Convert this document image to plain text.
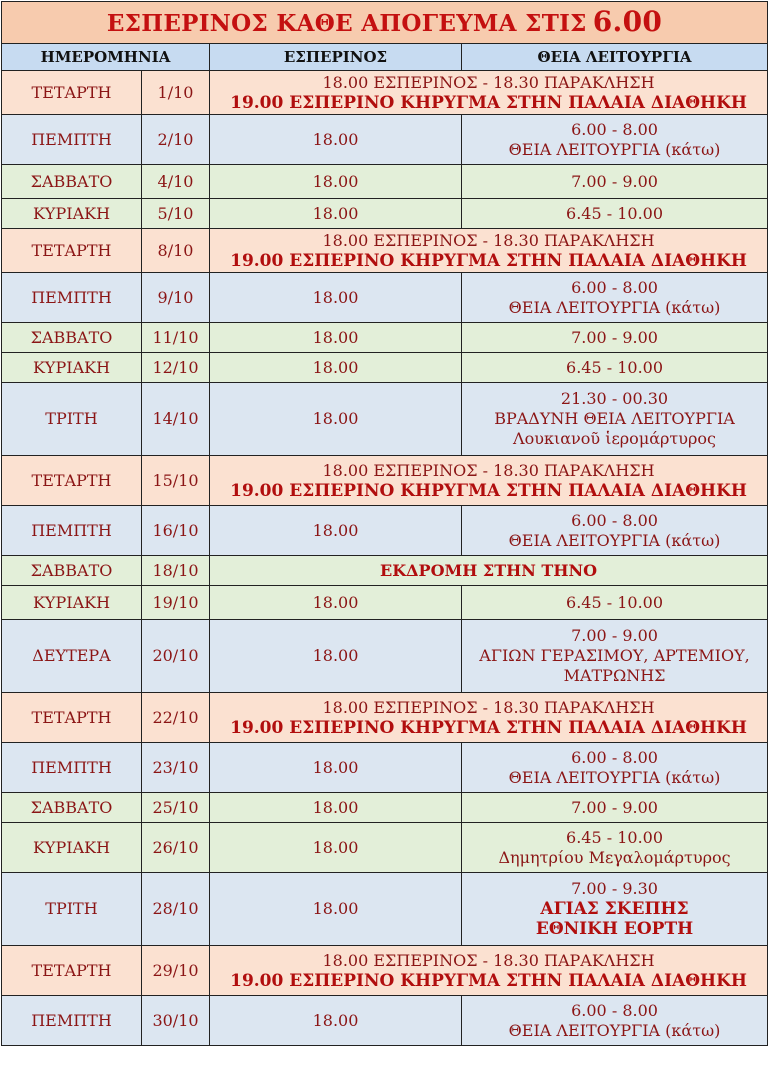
ΕΣΠΕΡΙΝΟΣ ΚΑΘΕ ΑΠΟΓΕΥΜΑ ΣΤΙΣ 6.00			
ΗΜΕΡΟΜΗΝΙΑ		ΕΣΠΕΡΙΝΟΣ	ΘΕΙΑ ΛΕΙΤΟΥΡΓΙΑ
ΤΕΤΑΡΤΗ	1/10	18.00 ΕΣΠΕΡΙΝΟΣ - 18.30 ΠΑΡΑΚΛΗΣΗ
19.00 ΕΣΠΕΡΙΝΟ ΚΗΡΥΓΜΑ ΣΤΗΝ ΠΑΛΑΙΑ ΔΙΑΘΗΚΗ	

ΠΕΜΠΤΗ	2/10	18.00	6.00 - 8.00
ΘΕΙΑ ΛΕΙΤΟΥΡΓΙΑ (κάτω)

ΣΑΒΒΑΤΟ	4/10	18.00	7.00 - 9.00

ΚΥΡΙΑΚΗ	5/10	18.00	6.45 - 10.00

ΤΕΤΑΡΤΗ	8/10	18.00 ΕΣΠΕΡΙΝΟΣ - 18.30 ΠΑΡΑΚΛΗΣΗ
19.00 ΕΣΠΕΡΙΝΟ ΚΗΡΥΓΜΑ ΣΤΗΝ ΠΑΛΑΙΑ ΔΙΑΘΗΚΗ	

ΠΕΜΠΤΗ	9/10	18.00	6.00 - 8.00
ΘΕΙΑ ΛΕΙΤΟΥΡΓΙΑ (κάτω)

ΣΑΒΒΑΤΟ	11/10	18.00	7.00 - 9.00

ΚΥΡΙΑΚΗ	12/10	18.00	6.45 - 10.00

ΤΡΙΤΗ	14/10	18.00	21.30 - 00.30
ΒΡΑΔΥΝΗ ΘΕΙΑ ΛΕΙΤΟΥΡΓΙΑ
Λουκιανοῦ ἱερομάρτυρος

ΤΕΤΑΡΤΗ	15/10	18.00 ΕΣΠΕΡΙΝΟΣ - 18.30 ΠΑΡΑΚΛΗΣΗ
19.00 ΕΣΠΕΡΙΝΟ ΚΗΡΥΓΜΑ ΣΤΗΝ ΠΑΛΑΙΑ ΔΙΑΘΗΚΗ	

ΠΕΜΠΤΗ	16/10	18.00	6.00 - 8.00
ΘΕΙΑ ΛΕΙΤΟΥΡΓΙΑ (κάτω)

ΣΑΒΒΑΤΟ	18/10	ΕΚΔΡΟΜΗ ΣΤΗΝ ΤΗΝΟ	
ΚΥΡΙΑΚΗ	19/10	18.00	6.45 - 10.00

ΔΕΥΤΕΡΑ	20/10	18.00	7.00 - 9.00
ΑΓΙΩΝ ΓΕΡΑΣΙΜΟΥ, ΑΡΤΕΜΙΟΥ,
ΜΑΤΡΩΝΗΣ

ΤΕΤΑΡΤΗ	22/10	18.00 ΕΣΠΕΡΙΝΟΣ - 18.30 ΠΑΡΑΚΛΗΣΗ
19.00 ΕΣΠΕΡΙΝΟ ΚΗΡΥΓΜΑ ΣΤΗΝ ΠΑΛΑΙΑ ΔΙΑΘΗΚΗ	

ΠΕΜΠΤΗ	23/10	18.00	6.00 - 8.00
ΘΕΙΑ ΛΕΙΤΟΥΡΓΙΑ (κάτω)

ΣΑΒΒΑΤΟ	25/10	18.00	7.00 - 9.00

ΚΥΡΙΑΚΗ	26/10	18.00	6.45 - 10.00
Δημητρίου Μεγαλομάρτυρος

ΤΡΙΤΗ	28/10	18.00	7.00 - 9.30
ΑΓΙΑΣ ΣΚΕΠΗΣ
ΕΘΝΙΚΗ ΕΟΡΤΗ

ΤΕΤΑΡΤΗ	29/10	18.00 ΕΣΠΕΡΙΝΟΣ - 18.30 ΠΑΡΑΚΛΗΣΗ
19.00 ΕΣΠΕΡΙΝΟ ΚΗΡΥΓΜΑ ΣΤΗΝ ΠΑΛΑΙΑ ΔΙΑΘΗΚΗ	

ΠΕΜΠΤΗ	30/10	18.00	6.00 - 8.00
ΘΕΙΑ ΛΕΙΤΟΥΡΓΙΑ (κάτω)
